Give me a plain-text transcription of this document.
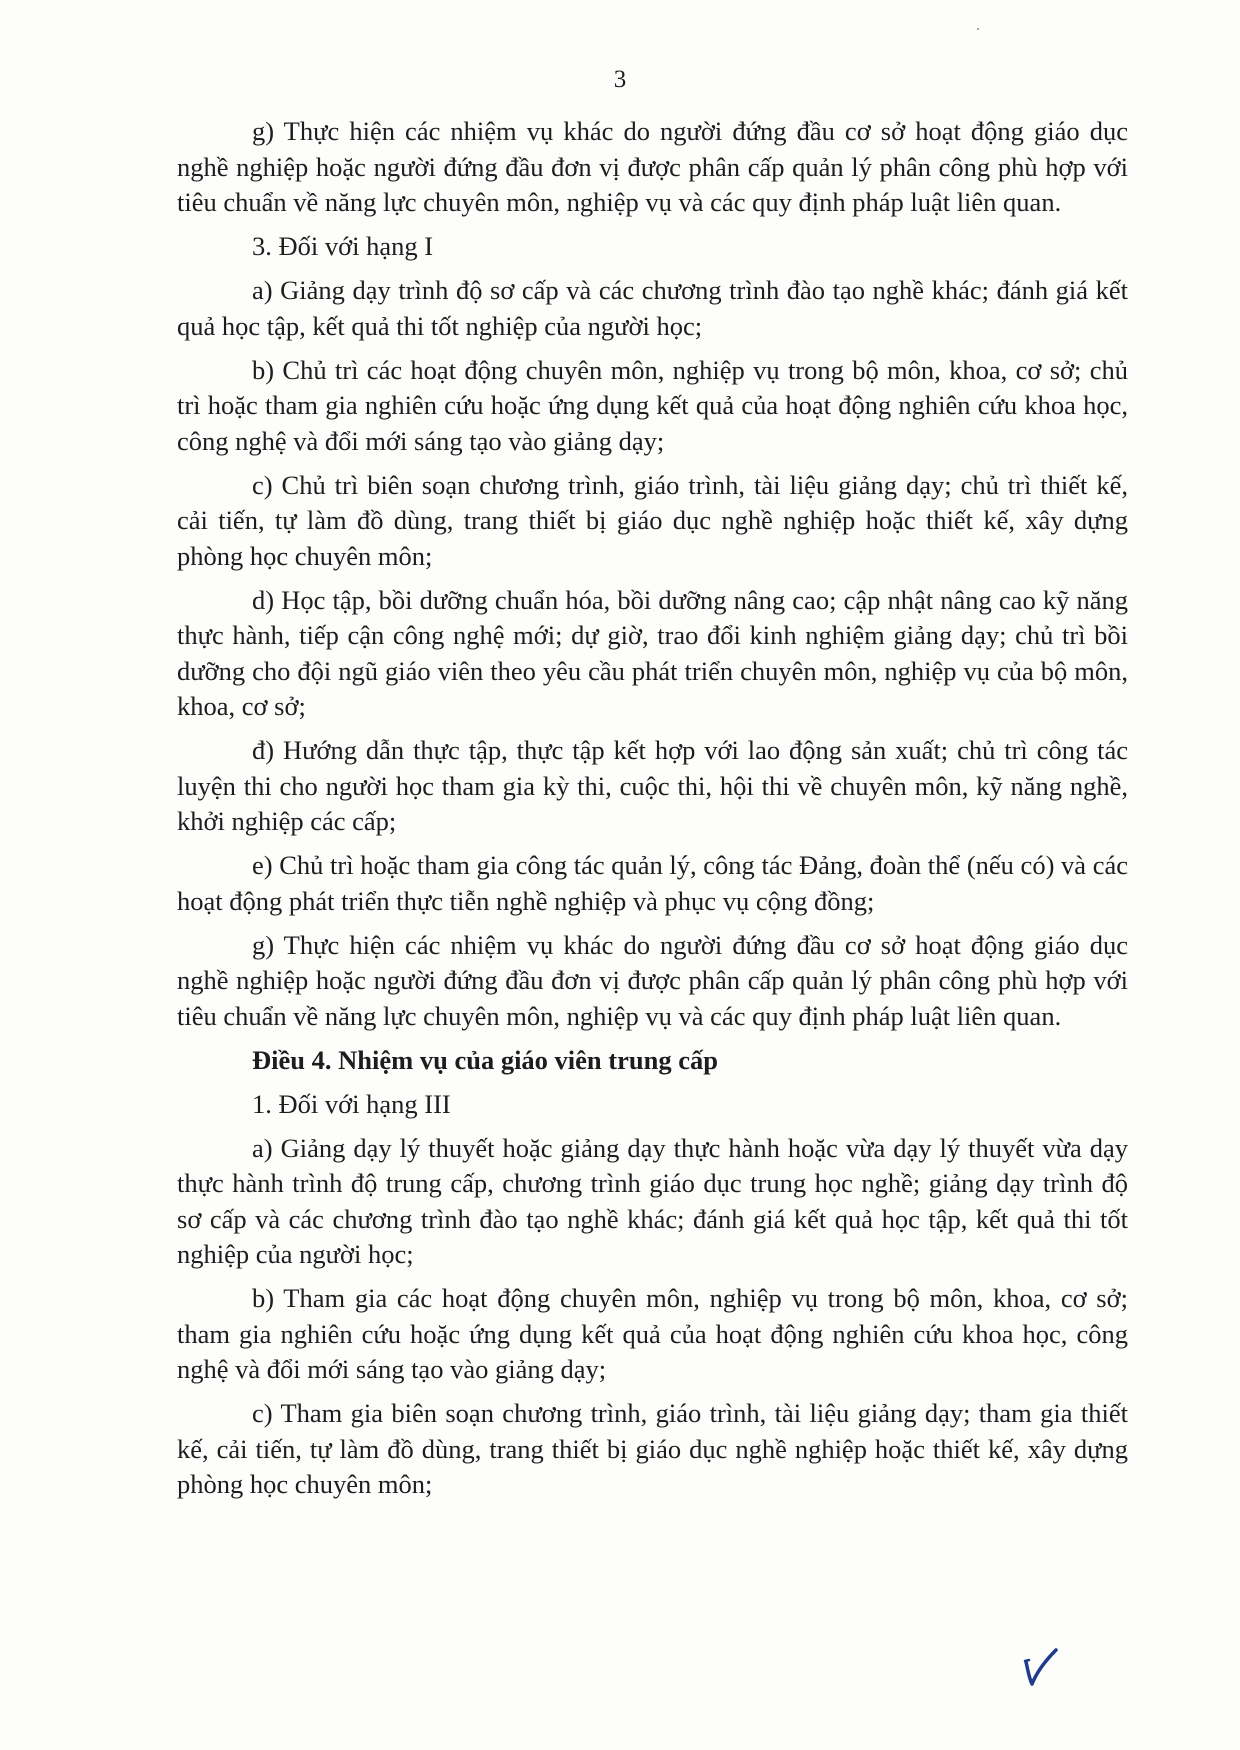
3

g) Thực hiện các nhiệm vụ khác do người đứng đầu cơ sở hoạt động giáo dục nghề nghiệp hoặc người đứng đầu đơn vị được phân cấp quản lý phân công phù hợp với tiêu chuẩn về năng lực chuyên môn, nghiệp vụ và các quy định pháp luật liên quan.

3. Đối với hạng I

a) Giảng dạy trình độ sơ cấp và các chương trình đào tạo nghề khác; đánh giá kết quả học tập, kết quả thi tốt nghiệp của người học;

b) Chủ trì các hoạt động chuyên môn, nghiệp vụ trong bộ môn, khoa, cơ sở; chủ trì hoặc tham gia nghiên cứu hoặc ứng dụng kết quả của hoạt động nghiên cứu khoa học, công nghệ và đổi mới sáng tạo vào giảng dạy;

c) Chủ trì biên soạn chương trình, giáo trình, tài liệu giảng dạy; chủ trì thiết kế, cải tiến, tự làm đồ dùng, trang thiết bị giáo dục nghề nghiệp hoặc thiết kế, xây dựng phòng học chuyên môn;

d) Học tập, bồi dưỡng chuẩn hóa, bồi dưỡng nâng cao; cập nhật nâng cao kỹ năng thực hành, tiếp cận công nghệ mới; dự giờ, trao đổi kinh nghiệm giảng dạy; chủ trì bồi dưỡng cho đội ngũ giáo viên theo yêu cầu phát triển chuyên môn, nghiệp vụ của bộ môn, khoa, cơ sở;

đ) Hướng dẫn thực tập, thực tập kết hợp với lao động sản xuất; chủ trì công tác luyện thi cho người học tham gia kỳ thi, cuộc thi, hội thi về chuyên môn, kỹ năng nghề, khởi nghiệp các cấp;

e) Chủ trì hoặc tham gia công tác quản lý, công tác Đảng, đoàn thể (nếu có) và các hoạt động phát triển thực tiễn nghề nghiệp và phục vụ cộng đồng;

g) Thực hiện các nhiệm vụ khác do người đứng đầu cơ sở hoạt động giáo dục nghề nghiệp hoặc người đứng đầu đơn vị được phân cấp quản lý phân công phù hợp với tiêu chuẩn về năng lực chuyên môn, nghiệp vụ và các quy định pháp luật liên quan.

Điều 4. Nhiệm vụ của giáo viên trung cấp

1. Đối với hạng III

a) Giảng dạy lý thuyết hoặc giảng dạy thực hành hoặc vừa dạy lý thuyết vừa dạy thực hành trình độ trung cấp, chương trình giáo dục trung học nghề; giảng dạy trình độ sơ cấp và các chương trình đào tạo nghề khác; đánh giá kết quả học tập, kết quả thi tốt nghiệp của người học;

b) Tham gia các hoạt động chuyên môn, nghiệp vụ trong bộ môn, khoa, cơ sở; tham gia nghiên cứu hoặc ứng dụng kết quả của hoạt động nghiên cứu khoa học, công nghệ và đổi mới sáng tạo vào giảng dạy;

c) Tham gia biên soạn chương trình, giáo trình, tài liệu giảng dạy; tham gia thiết kế, cải tiến, tự làm đồ dùng, trang thiết bị giáo dục nghề nghiệp hoặc thiết kế, xây dựng phòng học chuyên môn;
